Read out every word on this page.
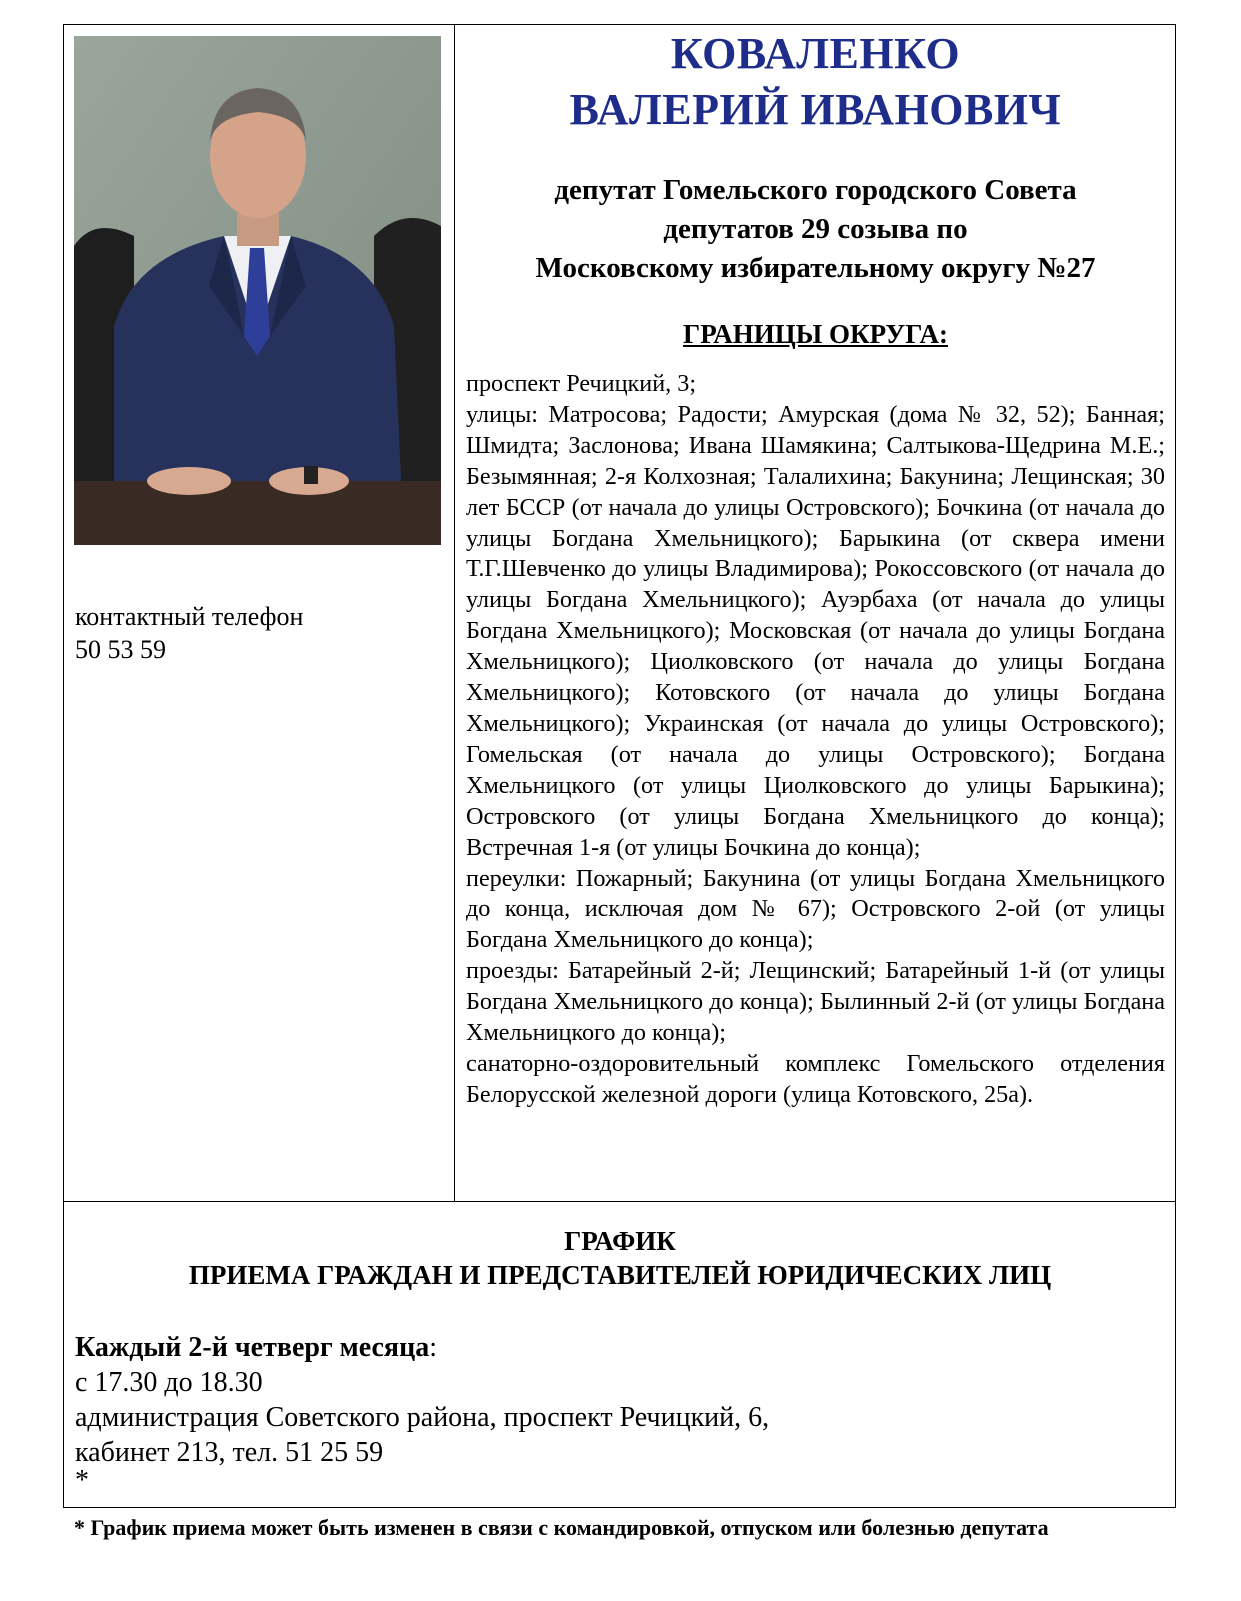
контактный телефон
50 53 59
КОВАЛЕНКО
ВАЛЕРИЙ ИВАНОВИЧ
депутат Гомельского городского Совета
депутатов 29 созыва по
Московскому избирательному округу №27
ГРАНИЦЫ ОКРУГА:

проспект Речицкий, 3;

улицы: Матросова; Радости; Амурская (дома № 32, 52); Банная; Шмидта; Заслонова; Ивана Шамякина; Салтыкова-Щедрина М.Е.; Безымянная; 2-я Колхозная; Талалихина; Бакунина; Лещинская; 30 лет БССР (от начала до улицы Островского); Бочкина (от начала до улицы Богдана Хмельницкого); Барыкина (от сквера имени Т.Г.Шевченко до улицы Владимирова); Рокоссовского (от начала до улицы Богдана Хмельницкого); Ауэрбаха (от начала до улицы Богдана Хмельницкого); Московская (от начала до улицы Богдана Хмельницкого); Циолковского (от начала до улицы Богдана Хмельницкого); Котовского (от начала до улицы Богдана Хмельницкого); Украинская (от начала до улицы Островского); Гомельская (от начала до улицы Островского); Богдана Хмельницкого (от улицы Циолковского до улицы Барыкина); Островского (от улицы Богдана Хмельницкого до конца); Встречная 1-я (от улицы Бочкина до конца);

переулки: Пожарный; Бакунина (от улицы Богдана Хмельницкого до конца, исключая дом № 67); Островского 2-ой (от улицы Богдана Хмельницкого до конца);

проезды: Батарейный 2-й; Лещинский; Батарейный 1-й (от улицы Богдана Хмельницкого до конца); Былинный 2-й (от улицы Богдана Хмельницкого до конца);

санаторно-оздоровительный комплекс Гомельского отделения Белорусской железной дороги (улица Котовского, 25а).

ГРАФИК
ПРИЕМА ГРАЖДАН И ПРЕДСТАВИТЕЛЕЙ ЮРИДИЧЕСКИХ ЛИЦ
Каждый 2-й четверг месяца:
с 17.30 до 18.30
администрация Советского района, проспект Речицкий, 6,
кабинет 213, тел. 51 25 59
*
* График приема может быть изменен в связи с командировкой, отпуском или болезнью депутата
